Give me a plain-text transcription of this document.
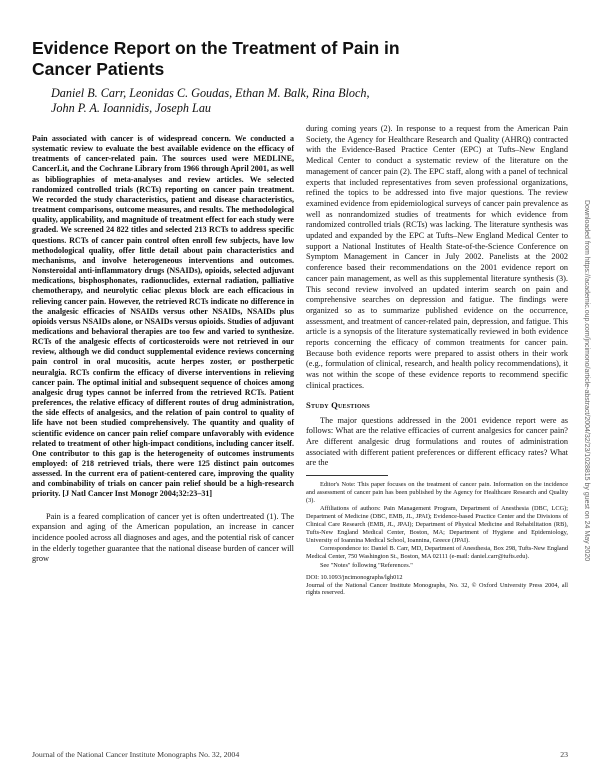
Evidence Report on the Treatment of Pain in Cancer Patients
Daniel B. Carr, Leonidas C. Goudas, Ethan M. Balk, Rina Bloch,
John P. A. Ioannidis, Joseph Lau

Pain associated with cancer is of widespread concern. We conducted a systematic review to evaluate the best available evidence on the efficacy of treatments of cancer-related pain. The sources used were MEDLINE, CancerLit, and the Cochrane Library from 1966 through April 2001, as well as bibliographies of meta-analyses and review articles. We selected randomized controlled trials (RCTs) reporting on cancer pain treatment. We recorded the study characteristics, patient and disease characteristics, treatment comparisons, outcome measures, and results. The methodological quality, applicability, and magnitude of treatment effect for each study were graded. We screened 24 822 titles and selected 213 RCTs to address specific questions. RCTs of cancer pain control often enroll few subjects, have low methodological quality, offer little detail about pain characteristics and mechanisms, and involve heterogeneous interventions and outcomes. Nonsteroidal anti-inflammatory drugs (NSAIDs), opioids, selected adjuvant medications, bisphosphonates, radionuclides, external radiation, palliative chemotherapy, and neurolytic celiac plexus block are each efficacious in relieving cancer pain. However, the retrieved RCTs indicate no difference in the analgesic efficacies of NSAIDs versus other NSAIDs, NSAIDs plus opioids versus NSAIDs alone, or NSAIDs versus opioids. Studies of adjuvant medications and behavioral therapies are too few and varied to synthesize. RCTs of the analgesic effects of corticosteroids were not retrieved in our review, although we did conduct supplemental evidence reviews concerning pain control in oral mucositis, acute herpes zoster, or postherpetic neuralgia. RCTs confirm the efficacy of diverse interventions in relieving cancer pain. The optimal initial and subsequent sequence of choices among analgesic drug types cannot be inferred from the retrieved RCTs. Patient preferences, the relative efficacy of different routes of drug administration, the side effects of analgesics, and the relation of pain control to quality of life have not been studied comprehensively. The quantity and quality of scientific evidence on cancer pain relief compare unfavorably with evidence related to treatment of other high-impact conditions, including cancer itself. One contributor to this gap is the heterogeneity of outcomes instruments employed: of 218 retrieved trials, there were 125 distinct pain outcomes assessed. In the current era of patient-centered care, improving the quality and combinability of trials on cancer pain relief should be a high-research priority. [J Natl Cancer Inst Monogr 2004;32:23–31]

Pain is a feared complication of cancer yet is often undertreated (1). The expansion and aging of the American population, an increase in cancer incidence pooled across all diagnoses and ages, and the potential risk of cancer in the elderly together guarantee that the national disease burden of cancer will grow

during coming years (2). In response to a request from the American Pain Society, the Agency for Healthcare Research and Quality (AHRQ) contracted with the Evidence-Based Practice Center (EPC) at Tufts–New England Medical Center to conduct a systematic review of the literature on the management of cancer pain (2). The EPC staff, along with a panel of technical experts that included representatives from seven professional organizations, refined the topics to be addressed into five major questions. The review examined evidence from epidemiological surveys of cancer pain prevalence as well as nonrandomized studies of treatments for which evidence from randomized controlled trials (RCTs) was lacking. The literature synthesis was updated and expanded by the EPC at Tufts–New England Medical Center to support a National Institutes of Health State-of-the-Science Conference on Symptom Management in Cancer in July 2002. Panelists at the 2002 conference based their recommendations on the 2001 evidence report on cancer pain management, as well as this supplemental literature synthesis (3). This second review involved an updated interim search on pain and comprehensive searches on depression and fatigue. The findings were organized so as to summarize published evidence on the occurrence, assessment, and treatment of cancer-related pain, depression, and fatigue. This article is a synopsis of the literature systematically reviewed in both evidence reports concerning the efficacy of common treatments for cancer pain. Because both evidence reports were prepared to assist others in their work (e.g., formulation of clinical, research, and health policy recommendations), it was not within the scope of these evidence reports to recommend specific clinical practices.

Study Questions

The major questions addressed in the 2001 evidence report were as follows: What are the relative efficacies of current analgesics for cancer pain? Are different analgesic drug formulations and routes of administration associated with different patient preferences or different efficacy rates? What are the

Editor's Note: This paper focuses on the treatment of cancer pain. Information on the incidence and assessment of cancer pain has been published by the Agency for Healthcare Research and Quality (3).

Affiliations of authors: Pain Management Program, Department of Anesthesia (DBC, LCG); Department of Medicine (DBC, EMB, JL, JPAI); Evidence-based Practice Center and the Divisions of Clinical Care Research (EMB, JL, JPAI); Department of Physical Medicine and Rehabilitation (RB), Tufts-New England Medical Center, Boston, MA; Department of Hygiene and Epidemiology, University of Ioannina Medical School, Ioannina, Greece (JPAI).

Correspondence to: Daniel B. Carr, MD, Department of Anesthesia, Box 298, Tufts-New England Medical Center, 750 Washington St., Boston, MA 02111 (e-mail: daniel.carr@tufts.edu).

See "Notes" following "References."

DOI: 10.1093/jncimonographs/lgh012

Journal of the National Cancer Institute Monographs, No. 32, © Oxford University Press 2004, all rights reserved.

Downloaded from https://academic.oup.com/jncimono/article-abstract/2004/32/23/1028815 by guest on 24 May 2020
Journal of the National Cancer Institute Monographs No. 32, 2004	23
